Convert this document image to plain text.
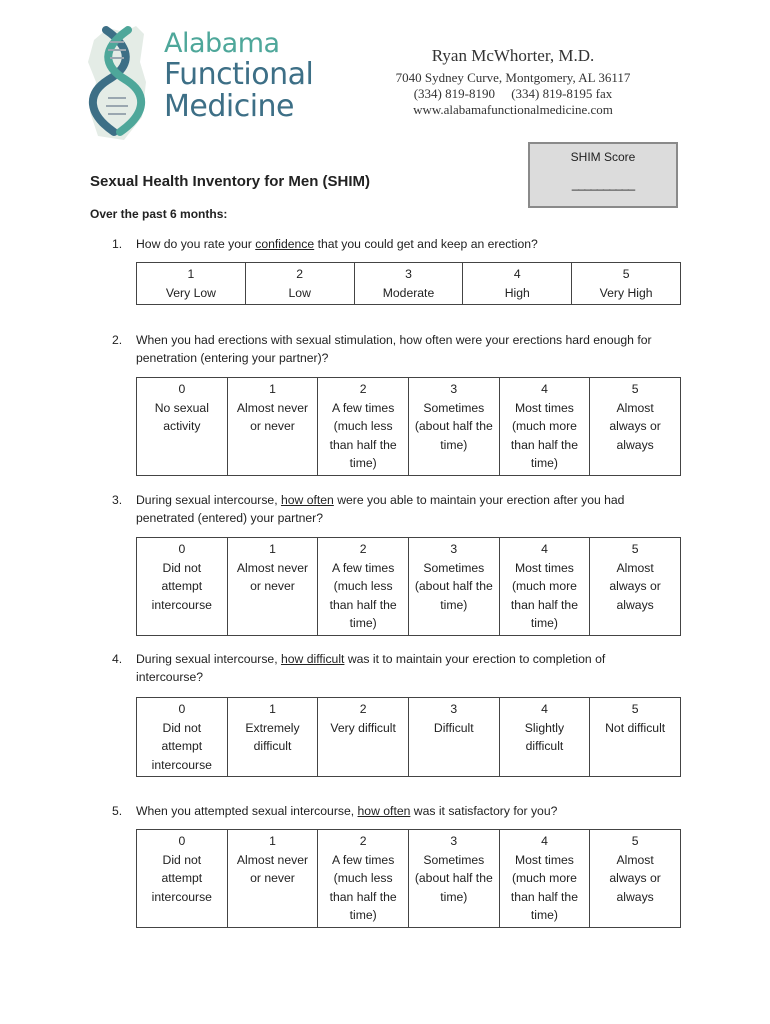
Alabama
Functional
Medicine
Ryan McWhorter, M.D.
7040 Sydney Curve, Montgomery, AL 36117
(334) 819-8190     (334) 819-8195 fax
www.alabamafunctionalmedicine.com
SHIM Score
__________
Sexual Health Inventory for Men (SHIM)
Over the past 6 months:
1. How do you rate your confidence that you could get and keep an erection?
1
Very Low

2
Low

3
Moderate

4
High

5
Very High
2. When you had erections with sexual stimulation, how often were your erections hard enough for penetration (entering your partner)?
0
No sexual
activity

1
Almost never
or never

2
A few times
(much less
than half the
time)

3
Sometimes
(about half the
time)

4
Most times
(much more
than half the
time)

5
Almost
always or
always
3. During sexual intercourse, how often were you able to maintain your erection after you had penetrated (entered) your partner?
0
Did not
attempt
intercourse

1
Almost never
or never

2
A few times
(much less
than half the
time)

3
Sometimes
(about half the
time)

4
Most times
(much more
than half the
time)

5
Almost
always or
always
4. During sexual intercourse, how difficult was it to maintain your erection to completion of intercourse?
0
Did not
attempt
intercourse

1
Extremely
difficult

2
Very difficult

3
Difficult

4
Slightly
difficult

5
Not difficult
5. When you attempted sexual intercourse, how often was it satisfactory for you?
0
Did not
attempt
intercourse

1
Almost never
or never

2
A few times
(much less
than half the
time)

3
Sometimes
(about half the
time)

4
Most times
(much more
than half the
time)

5
Almost
always or
always
